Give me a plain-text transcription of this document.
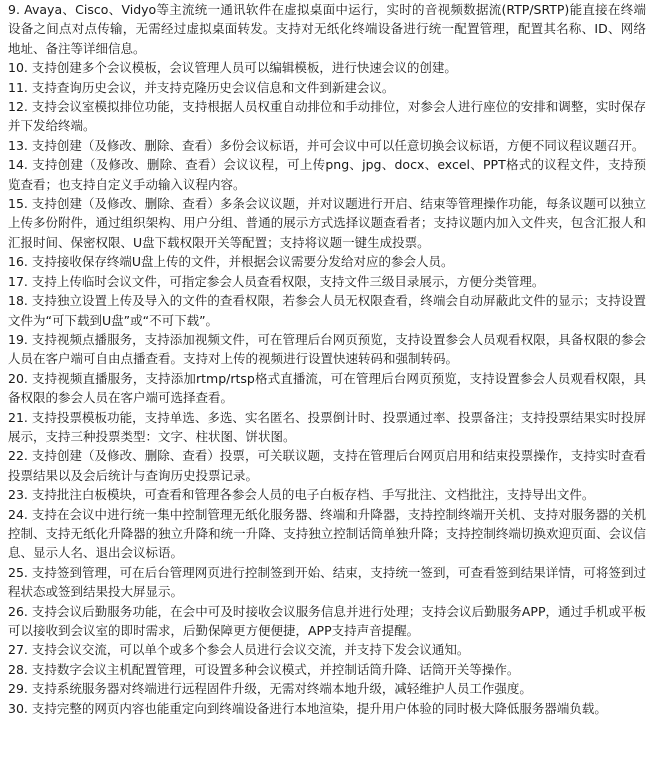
9. Avaya、Cisco、Vidyo等主流统一通讯软件在虚拟桌面中运行，实时的音视频数据流(RTP/SRTP)能直接在终端设备之间点对点传输，无需经过虚拟桌面转发。支持对无纸化终端设备进行统一配置管理，配置其名称、ID、网络地址、备注等详细信息。

10. 支持创建多个会议模板，会议管理人员可以编辑模板，进行快速会议的创建。

11. 支持查询历史会议，并支持克隆历史会议信息和文件到新建会议。

12. 支持会议室模拟排位功能，支持根据人员权重自动排位和手动排位，对参会人进行座位的安排和调整，实时保存并下发给终端。

13. 支持创建（及修改、删除、查看）多份会议标语，并可会议中可以任意切换会议标语，方便不同议程议题召开。

14. 支持创建（及修改、删除、查看）会议议程，可上传png、jpg、docx、excel、PPT格式的议程文件，支持预览查看；也支持自定义手动输入议程内容。

15. 支持创建（及修改、删除、查看）多条会议议题，并对议题进行开启、结束等管理操作功能，每条议题可以独立上传多份附件，通过组织架构、用户分组、普通的展示方式选择议题查看者；支持议题内加入文件夹，包含汇报人和汇报时间、保密权限、U盘下载权限开关等配置；支持将议题一键生成投票。

16. 支持接收保存终端U盘上传的文件，并根据会议需要分发给对应的参会人员。

17. 支持上传临时会议文件，可指定参会人员查看权限，支持文件三级目录展示，方便分类管理。

18. 支持独立设置上传及导入的文件的查看权限，若参会人员无权限查看，终端会自动屏蔽此文件的显示；支持设置文件为“可下载到U盘”或“不可下载”。

19. 支持视频点播服务，支持添加视频文件，可在管理后台网页预览，支持设置参会人员观看权限，具备权限的参会人员在客户端可自由点播查看。支持对上传的视频进行设置快速转码和强制转码。

20. 支持视频直播服务，支持添加rtmp/rtsp格式直播流，可在管理后台网页预览，支持设置参会人员观看权限，具备权限的参会人员在客户端可选择查看。

21. 支持投票模板功能，支持单选、多选、实名匿名、投票倒计时、投票通过率、投票备注；支持投票结果实时投屏展示，支持三种投票类型：文字、柱状图、饼状图。

22. 支持创建（及修改、删除、查看）投票，可关联议题，支持在管理后台网页启用和结束投票操作，支持实时查看投票结果以及会后统计与查询历史投票记录。

23. 支持批注白板模块，可查看和管理各参会人员的电子白板存档、手写批注、文档批注，支持导出文件。

24. 支持在会议中进行统一集中控制管理无纸化服务器、终端和升降器，支持控制终端开关机、支持对服务器的关机控制、支持无纸化升降器的独立升降和统一升降、支持独立控制话筒单独升降；支持控制终端切换欢迎页面、会议信息、显示人名、退出会议标语。

25. 支持签到管理，可在后台管理网页进行控制签到开始、结束，支持统一签到，可查看签到结果详情，可将签到过程状态或签到结果投大屏显示。

26. 支持会议后勤服务功能，在会中可及时接收会议服务信息并进行处理；支持会议后勤服务APP，通过手机或平板可以接收到会议室的即时需求，后勤保障更方便便捷，APP支持声音提醒。

27. 支持会议交流，可以单个或多个参会人员进行会议交流，并支持下发会议通知。

28. 支持数字会议主机配置管理，可设置多种会议模式，并控制话筒升降、话筒开关等操作。

29. 支持系统服务器对终端进行远程固件升级，无需对终端本地升级，减轻维护人员工作强度。

30. 支持完整的网页内容也能重定向到终端设备进行本地渲染，提升用户体验的同时极大降低服务器端负载。
